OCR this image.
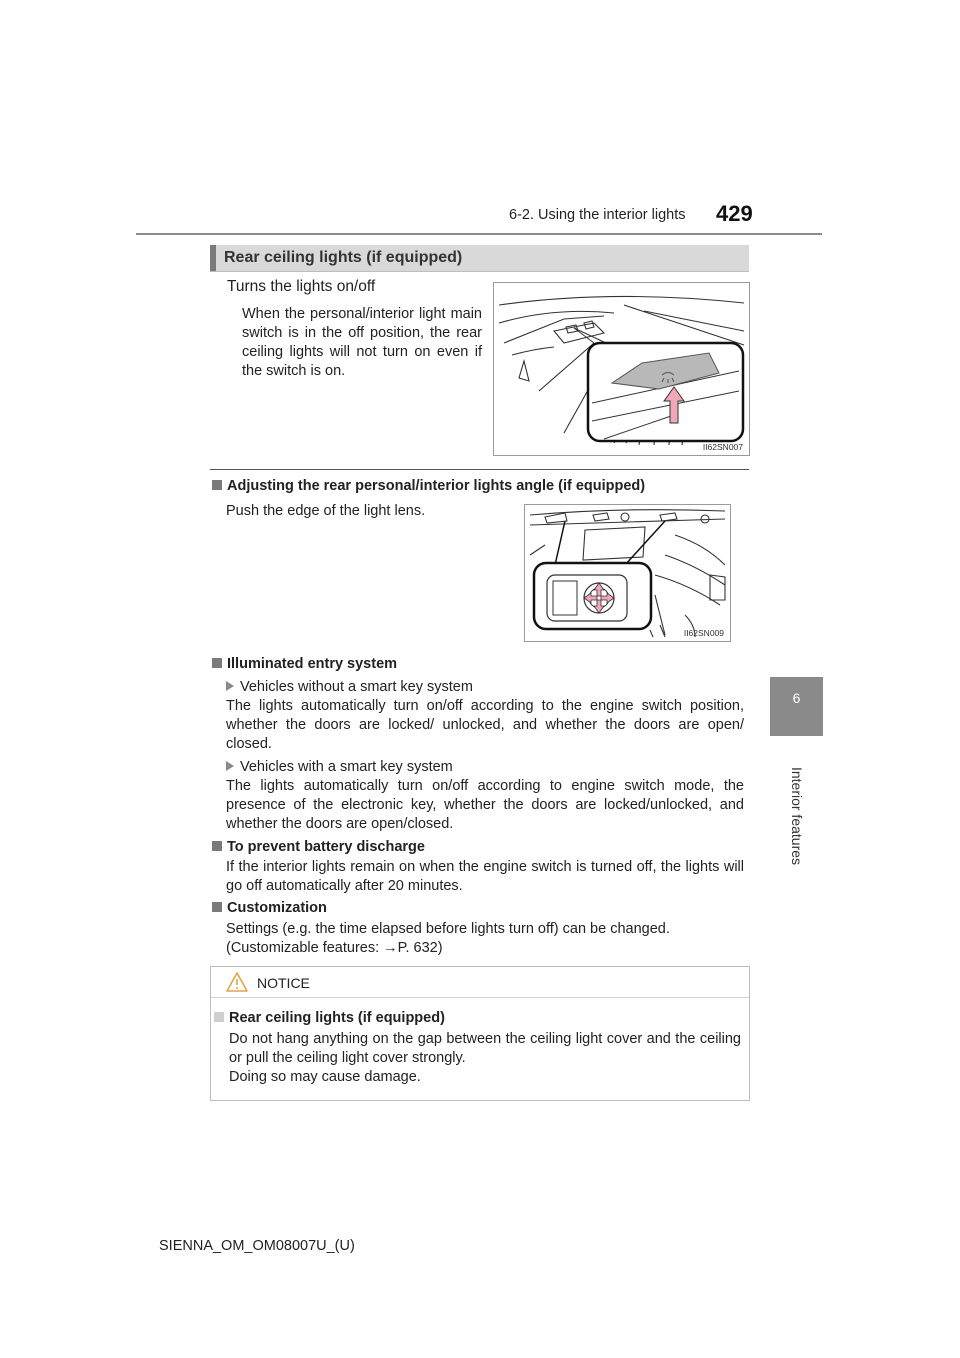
6-2. Using the interior lights 429
6
Interior features
Rear ceiling lights (if equipped)
Turns the lights on/off
When the personal/interior light main switch is in the off position, the rear ceiling lights will not turn on even if the switch is on.
II62SN007
Adjusting the rear personal/interior lights angle (if equipped)
Push the edge of the light lens.
II62SN009
Illuminated entry system
Vehicles without a smart key system
The lights automatically turn on/off according to the engine switch position, whether the doors are locked/ unlocked, and whether the doors are open/ closed.
Vehicles with a smart key system
The lights automatically turn on/off according to engine switch mode, the presence of the electronic key, whether the doors are locked/unlocked, and whether the doors are open/closed.
To prevent battery discharge
If the interior lights remain on when the engine switch is turned off, the lights will go off automatically after 20 minutes.
Customization
Settings (e.g. the time elapsed before lights turn off) can be changed.
(Customizable features: →P. 632)
NOTICE
Rear ceiling lights (if equipped)
Do not hang anything on the gap between the ceiling light cover and the ceiling or pull the ceiling light cover strongly.
Doing so may cause damage.
SIENNA_OM_OM08007U_(U)
